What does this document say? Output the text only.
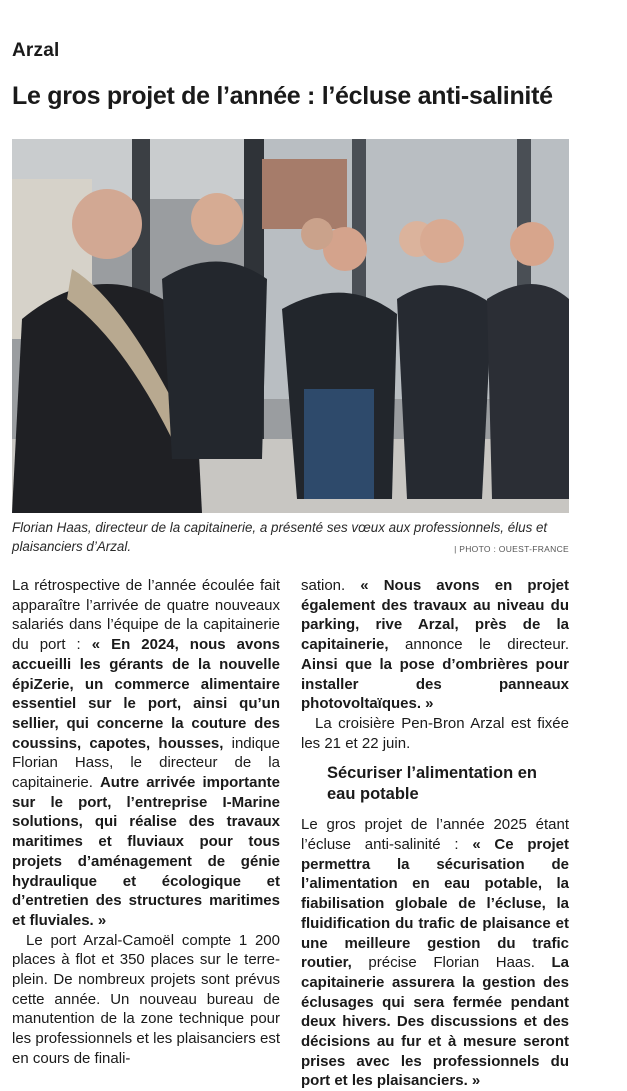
Arzal
Le gros projet de l’année : l’écluse anti-salinité
Florian Haas, directeur de la capitainerie, a présenté ses vœux aux professionnels, élus et plaisanciers d’Arzal.	| PHOTO : OUEST-FRANCE

La rétrospective de l’année écoulée fait apparaître l’arrivée de quatre nouveaux salariés dans l’équipe de la capitainerie du port : « En 2024, nous avons accueilli les gérants de la nouvelle épiZerie, un commerce alimentaire essentiel sur le port, ainsi qu’un sellier, qui concerne la couture des coussins, capotes, housses, indique Florian Hass, le directeur de la capitainerie. Autre arrivée importante sur le port, l’entreprise I-Marine solutions, qui réalise des travaux maritimes et fluviaux pour tous projets d’aménagement de génie hydraulique et écologique et d’entretien des structures maritimes et fluviales. »

Le port Arzal-Camoël compte 1 200 places à flot et 350 places sur le terre-plein. De nombreux projets sont prévus cette année. Un nouveau bureau de manutention de la zone technique pour les professionnels et les plaisanciers est en cours de finali-

sation. « Nous avons en projet également des travaux au niveau du parking, rive Arzal, près de la capitainerie, annonce le directeur. Ainsi que la pose d’ombrières pour installer des panneaux photovoltaïques. »

La croisière Pen-Bron Arzal est fixée les 21 et 22 juin.

Sécuriser l’alimentation en eau potable

Le gros projet de l’année 2025 étant l’écluse anti-salinité : « Ce projet permettra la sécurisation de l’alimentation en eau potable, la fiabilisation globale de l’écluse, la fluidification du trafic de plaisance et une meilleure gestion du trafic routier, précise Florian Haas. La capitainerie assurera la gestion des éclusages qui sera fermée pendant deux hivers. Des discussions et des décisions au fur et à mesure seront prises avec les professionnels du port et les plaisanciers. »
